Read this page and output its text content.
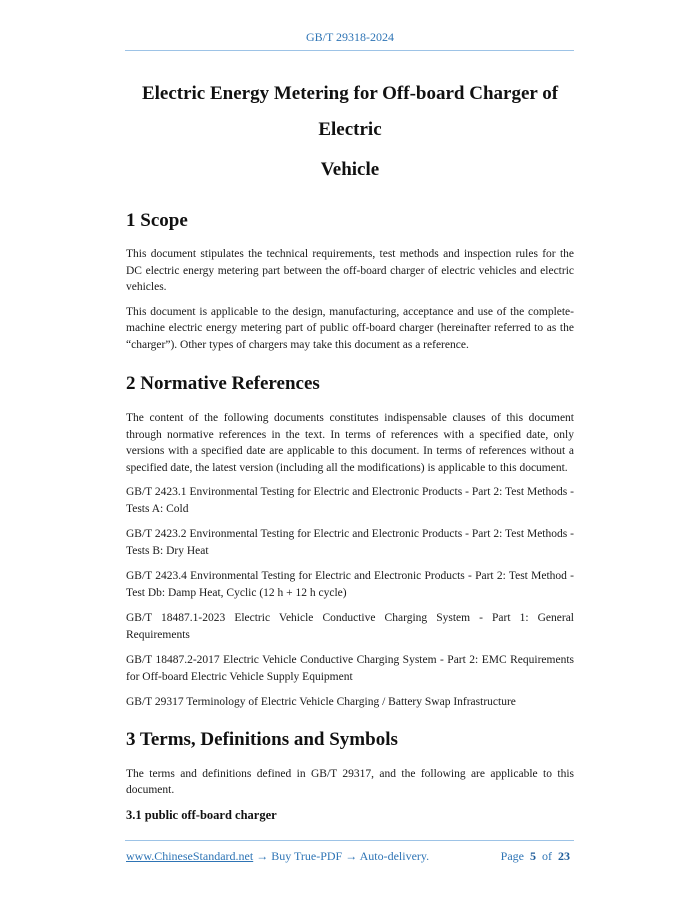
GB/T 29318-2024
Electric Energy Metering for Off-board Charger of Electric
Vehicle
1 Scope

This document stipulates the technical requirements, test methods and inspection rules for the DC electric energy metering part between the off-board charger of electric vehicles and electric vehicles.

This document is applicable to the design, manufacturing, acceptance and use of the complete-machine electric energy metering part of public off-board charger (hereinafter referred to as the “charger”). Other types of chargers may take this document as a reference.

2 Normative References

The content of the following documents constitutes indispensable clauses of this document through normative references in the text. In terms of references with a specified date, only versions with a specified date are applicable to this document. In terms of references without a specified date, the latest version (including all the modifications) is applicable to this document.

GB/T 2423.1 Environmental Testing for Electric and Electronic Products - Part 2: Test Methods - Tests A: Cold

GB/T 2423.2 Environmental Testing for Electric and Electronic Products - Part 2: Test Methods - Tests B: Dry Heat

GB/T 2423.4 Environmental Testing for Electric and Electronic Products - Part 2: Test Method - Test Db: Damp Heat, Cyclic (12 h + 12 h cycle)

GB/T 18487.1-2023 Electric Vehicle Conductive Charging System - Part 1: General Requirements

GB/T 18487.2-2017 Electric Vehicle Conductive Charging System - Part 2: EMC Requirements for Off-board Electric Vehicle Supply Equipment

GB/T 29317 Terminology of Electric Vehicle Charging / Battery Swap Infrastructure

3 Terms, Definitions and Symbols

The terms and definitions defined in GB/T 29317, and the following are applicable to this document.

3.1 public off-board charger
www.ChineseStandard.net → Buy True-PDF → Auto-delivery.	Page 5 of 23
